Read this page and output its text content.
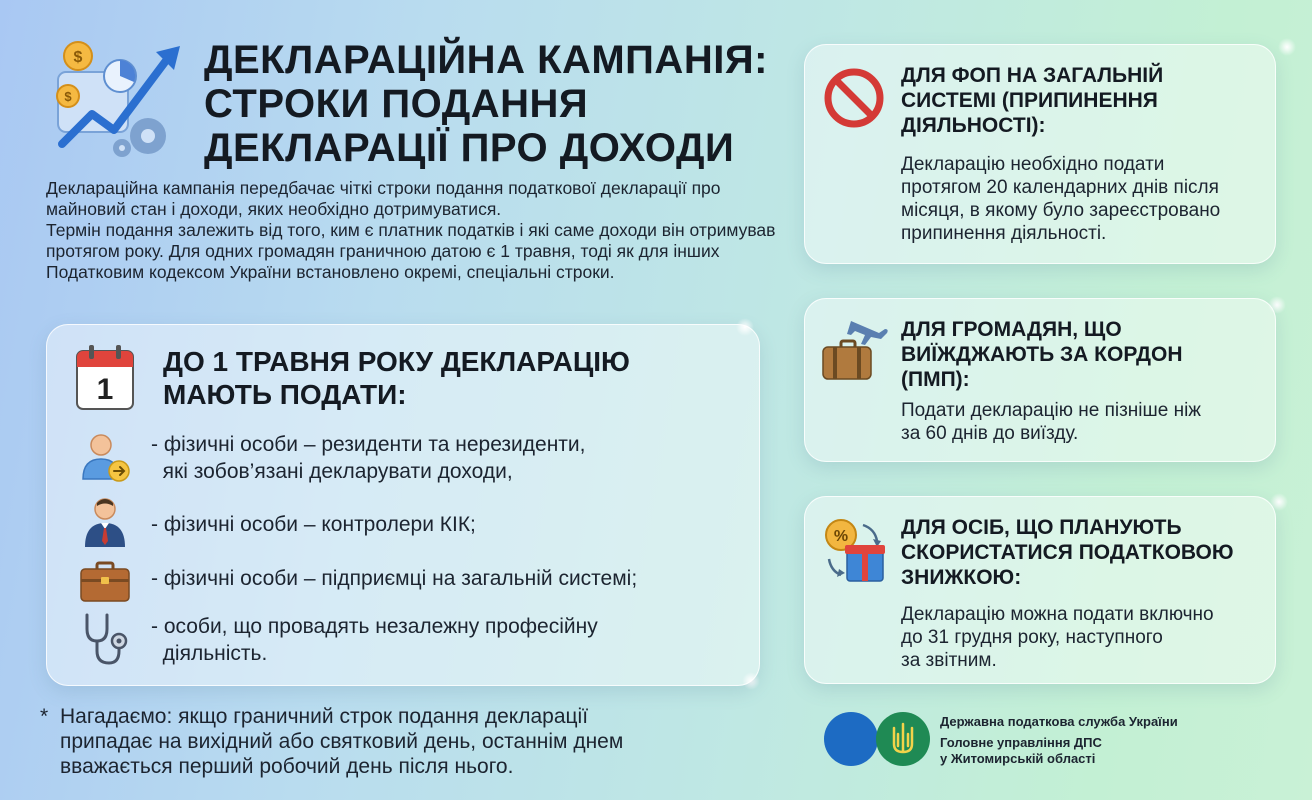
$
$
ДЕКЛАРАЦІЙНА КАМПАНІЯ:
СТРОКИ ПОДАННЯ
ДЕКЛАРАЦІЇ ПРО ДОХОДИ

Деклараційна кампанія передбачає чіткі строки подання податкової декларації про майновий стан і доходи, яких необхідно дотримуватися.

Термін подання залежить від того, ким є платник податків і які саме доходи він отримував протягом року. Для одних громадян граничною датою є 1 травня, тоді як для інших Податковим кодексом України встановлено окремі, спеціальні строки.

1
ДО 1 ТРАВНЯ РОКУ ДЕКЛАРАЦІЮ
МАЮТЬ ПОДАТИ:
- фізичні особи – резиденти та нерезиденти,
які зобов’язані декларувати доходи,
- фізичні особи – контролери КІК;
- фізичні особи – підприємці на загальній системі;
- особи, що провадять незалежну професійну
діяльність.
ДЛЯ ФОП НА ЗАГАЛЬНІЙ
СИСТЕМІ (ПРИПИНЕННЯ
ДІЯЛЬНОСТІ):
Декларацію необхідно подати
протягом 20 календарних днів після
місяця, в якому було зареєстровано
припинення діяльності.
ДЛЯ ГРОМАДЯН, ЩО
ВИЇЖДЖАЮТЬ ЗА КОРДОН
(ПМП):
Подати декларацію не пізніше ніж
за 60 днів до виїзду.
%	ДЛЯ ОСІБ, ЩО ПЛАНУЮТЬ
СКОРИСТАТИСЯ ПОДАТКОВОЮ
ЗНИЖКОЮ:
Декларацію можна подати включно
до 31 грудня року, наступного
за звітним.
* Нагадаємо: якщо граничний строк подання декларації
припадає на вихідний або святковий день, останнім днем
вважається перший робочий день після нього.
Державна податкова служба України
Головне управління ДПС
у Житомирській області
